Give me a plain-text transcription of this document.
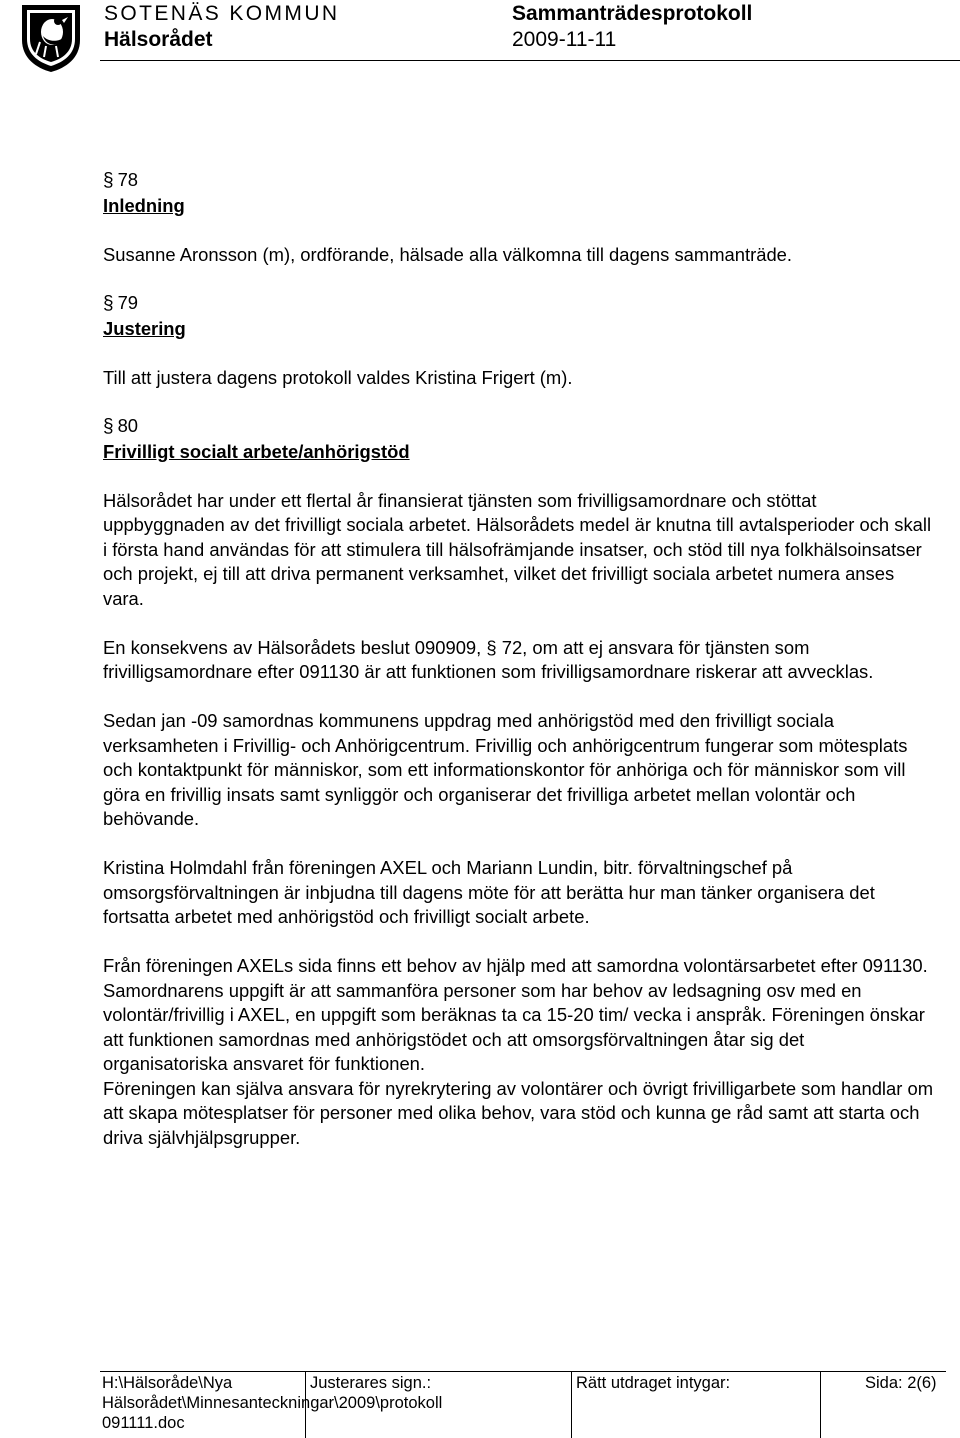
SOTENÄS KOMMUN
Hälsorådet
Sammanträdesprotokoll
2009-11-11
§ 78
Inledning

Susanne Aronsson (m), ordförande, hälsade alla välkomna till dagens sammanträde.

§ 79
Justering

Till att justera dagens protokoll valdes Kristina Frigert (m).

§ 80
Frivilligt socialt arbete/anhörigstöd

Hälsorådet har under ett flertal år finansierat tjänsten som frivilligsamordnare och stöttat uppbyggnaden av det frivilligt sociala arbetet. Hälsorådets medel är knutna till avtalsperioder och skall i första hand användas för att stimulera till hälsofrämjande insatser, och stöd till nya folkhälsoinsatser och projekt, ej till att driva permanent verksamhet, vilket det frivilligt sociala arbetet numera anses vara.

En konsekvens av Hälsorådets beslut 090909, § 72, om att ej ansvara för tjänsten som frivilligsamordnare efter 091130 är att funktionen som frivilligsamordnare riskerar att avvecklas.

Sedan jan -09 samordnas kommunens uppdrag med anhörigstöd med den frivilligt sociala verksamheten i Frivillig- och Anhörigcentrum. Frivillig och anhörigcentrum fungerar som mötesplats och kontaktpunkt för människor, som ett informationskontor för anhöriga och för människor som vill göra en frivillig insats samt synliggör och organiserar det frivilliga arbetet mellan volontär och behövande.

Kristina Holmdahl från föreningen AXEL och Mariann Lundin, bitr. förvaltningschef på omsorgsförvaltningen är inbjudna till dagens möte för att berätta hur man tänker organisera det fortsatta arbetet med anhörigstöd och frivilligt socialt arbete.

Från föreningen AXELs sida finns ett behov av hjälp med att samordna volontärsarbetet efter 091130. Samordnarens uppgift är att sammanföra personer som har behov av ledsagning osv med en volontär/frivillig i AXEL, en uppgift som beräknas ta ca 15-20 tim/ vecka i anspråk. Föreningen önskar att funktionen samordnas med anhörigstödet och att omsorgsförvaltningen åtar sig det organisatoriska ansvaret för funktionen.

Föreningen kan själva ansvara för nyrekrytering av volontärer och övrigt frivilligarbete som handlar om att skapa mötesplatser för personer med olika behov, vara stöd och kunna ge råd samt att starta och driva självhjälpsgrupper.

H:\Hälsoråde\Nya Hälsorådet\Minnesanteckningar\2009\protokoll 091111.doc
Justerares sign.:	Rätt utdraget intygar:	Sida: 2(6)
